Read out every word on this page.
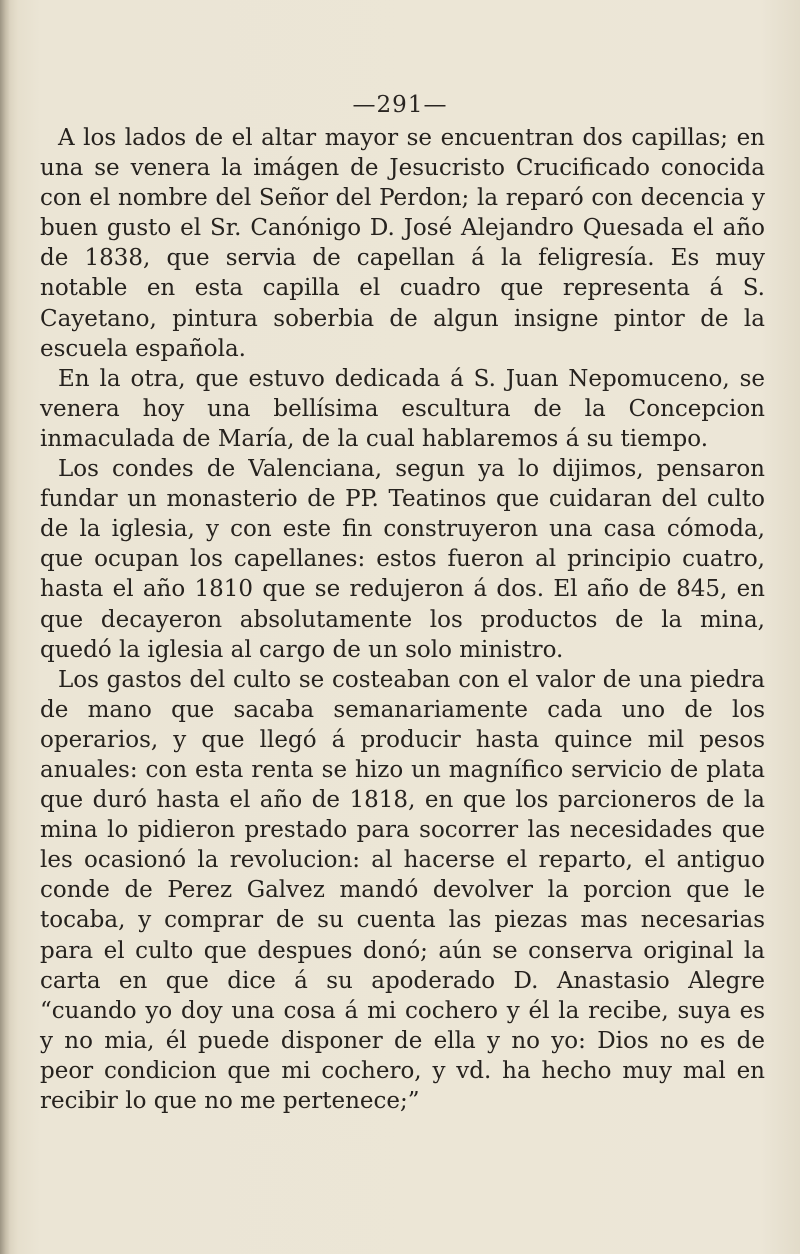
—291—

A los lados de el altar mayor se encuentran dos capillas; en una se venera la imágen de Jesucristo Crucificado conocida con el nombre del Señor del Perdon; la reparó con decencia y buen gusto el Sr. Canónigo D. José Alejandro Quesada el año de 1838, que servia de capellan á la feligresía. Es muy notable en esta capilla el cuadro que representa á S. Cayetano, pintura soberbia de algun insigne pintor de la escuela española.

En la otra, que estuvo dedicada á S. Juan Nepomuceno, se venera hoy una bellísima escultura de la Concepcion inmaculada de María, de la cual hablaremos á su tiempo.

Los condes de Valenciana, segun ya lo dijimos, pensaron fundar un monasterio de PP. Teatinos que cuidaran del culto de la iglesia, y con este fin construyeron una casa cómoda, que ocupan los capellanes: estos fueron al principio cuatro, hasta el año 1810 que se redujeron á dos. El año de 845, en que decayeron absolutamente los productos de la mina, quedó la iglesia al cargo de un solo ministro.

Los gastos del culto se costeaban con el valor de una piedra de mano que sacaba semanariamente cada uno de los operarios, y que llegó á producir hasta quince mil pesos anuales: con esta renta se hizo un magnífico servicio de plata que duró hasta el año de 1818, en que los parcioneros de la mina lo pidieron prestado para socorrer las necesidades que les ocasionó la revolucion: al hacerse el reparto, el antiguo conde de Perez Galvez mandó devolver la porcion que le tocaba, y comprar de su cuenta las piezas mas necesarias para el culto que despues donó; aún se conserva original la carta en que dice á su apoderado D. Anastasio Alegre “cuando yo doy una cosa á mi cochero y él la recibe, suya es y no mia, él puede disponer de ella y no yo: Dios no es de peor condicion que mi cochero, y vd. ha hecho muy mal en recibir lo que no me pertenece;”
